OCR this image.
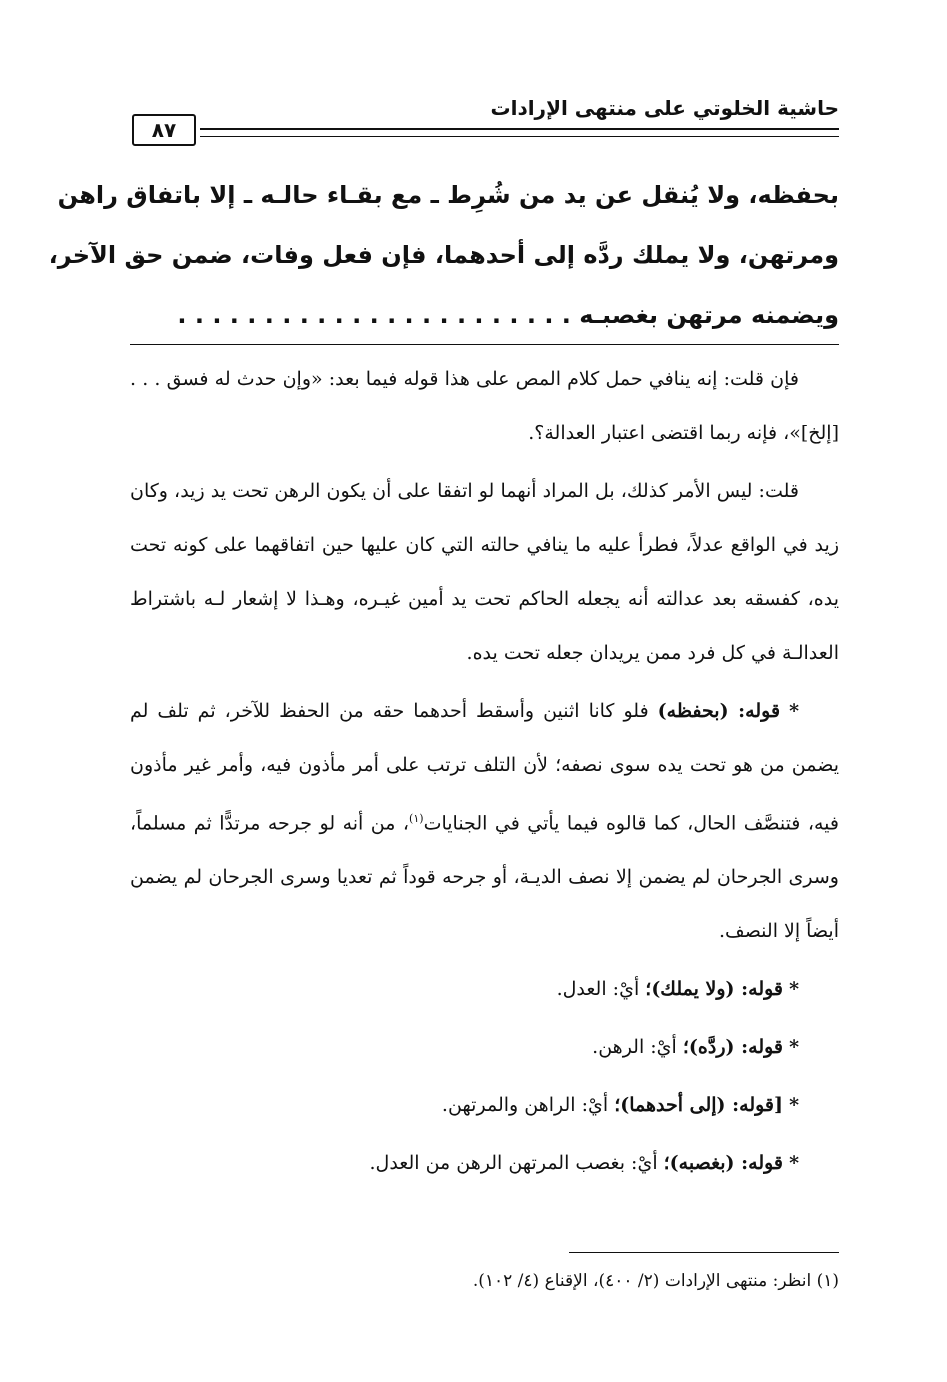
حاشية الخلوتي على منتهى الإرادات
٨٧
بحفظه، ولا يُنقل عن يد من شُرِط ـ مع بقـاء حالـه ـ إلا باتفاق راهن
ومرتهن، ولا يملك ردَّه إلى أحدهما، فإن فعل وفات، ضمن حق الآخر،
ويضمنه مرتهن بغصبـه . . . . . . . . . . . . . . . . . . . . . . .

فإن قلت: إنه ينافي حمل كلام المص على هذا قوله فيما بعد: «وإن حدث له فسق . . . [إلخ]»، فإنه ربما اقتضى اعتبار العدالة؟.

قلت: ليس الأمر كذلك، بل المراد أنهما لو اتفقا على أن يكون الرهن تحت يد زيد، وكان زيد في الواقع عدلاً، فطرأ عليه ما ينافي حالته التي كان عليها حين اتفاقهما على كونه تحت يده، كفسقه بعد عدالته أنه يجعله الحاكم تحت يد أمين غيـره، وهـذا لا إشعار لـه باشتراط العدالـة في كل فرد ممن يريدان جعله تحت يده.

* قوله: (بحفظه) فلو كانا اثنين وأسقط أحدهما حقه من الحفظ للآخر، ثم تلف لم يضمن من هو تحت يده سوى نصفه؛ لأن التلف ترتب على أمر مأذون فيه، وأمر غير مأذون فيه، فتنصَّف الحال، كما قالوه فيما يأتي في الجنايات$^{(١)}$، من أنه لو جرحه مرتدًّا ثم مسلماً، وسرى الجرحان لم يضمن إلا نصف الديـة، أو جرحه قوداً ثم تعديا وسرى الجرحان لم يضمن أيضاً إلا النصف.

* قوله: (ولا يملك)؛ أيْ: العدل.

* قوله: (ردَّه)؛ أيْ: الرهن.

* [قوله: (إلى أحدهما)؛ أيْ: الراهن والمرتهن.

* قوله: (بغصبه)؛ أيْ: بغصب المرتهن الرهن من العدل.

(١) انظر: منتهى الإرادات (٢/ ٤٠٠)، الإقناع (٤/ ١٠٢).
